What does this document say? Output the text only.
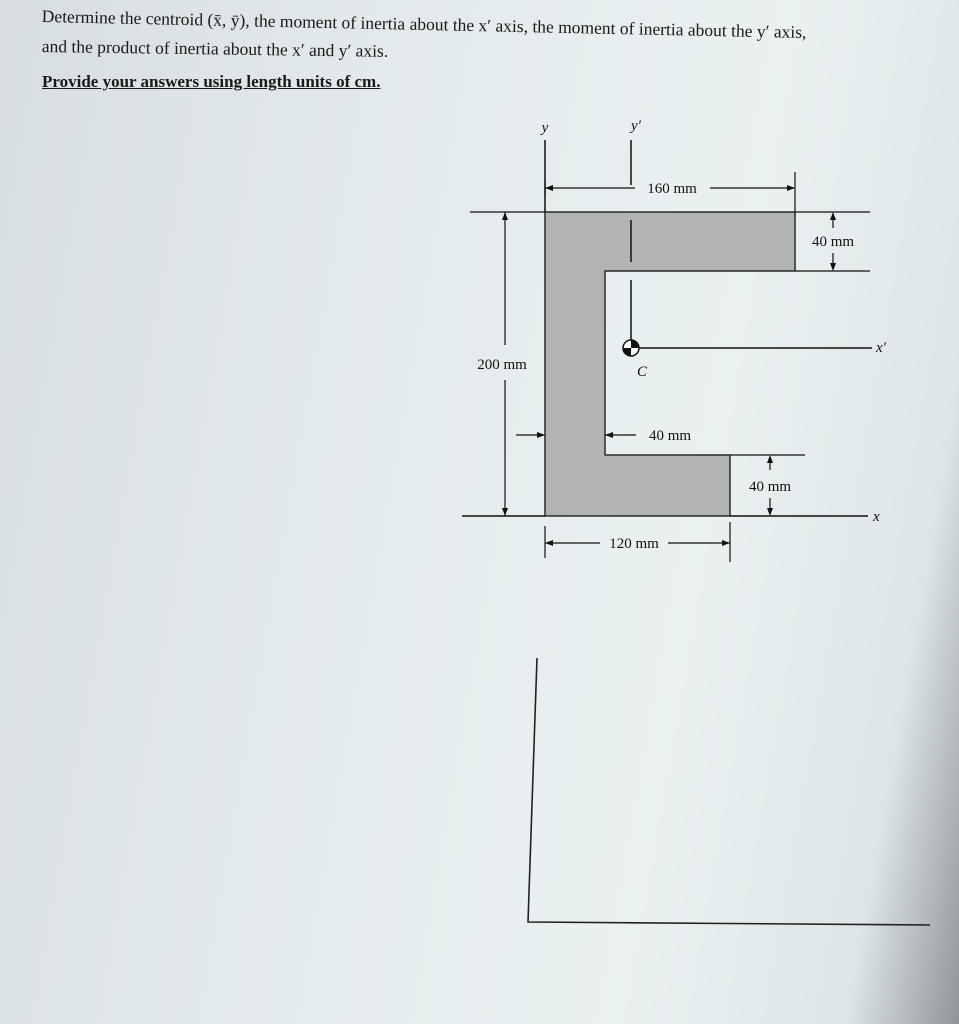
Determine the centroid (x̄, ȳ), the moment of inertia about the x′ axis, the moment of inertia about the y′ axis,
and the product of inertia about the x′ and y′ axis.
Provide your answers using length units of cm.
y	y′
x′
C
x
160 mm
40 mm
200 mm
40 mm
40 mm
120 mm
